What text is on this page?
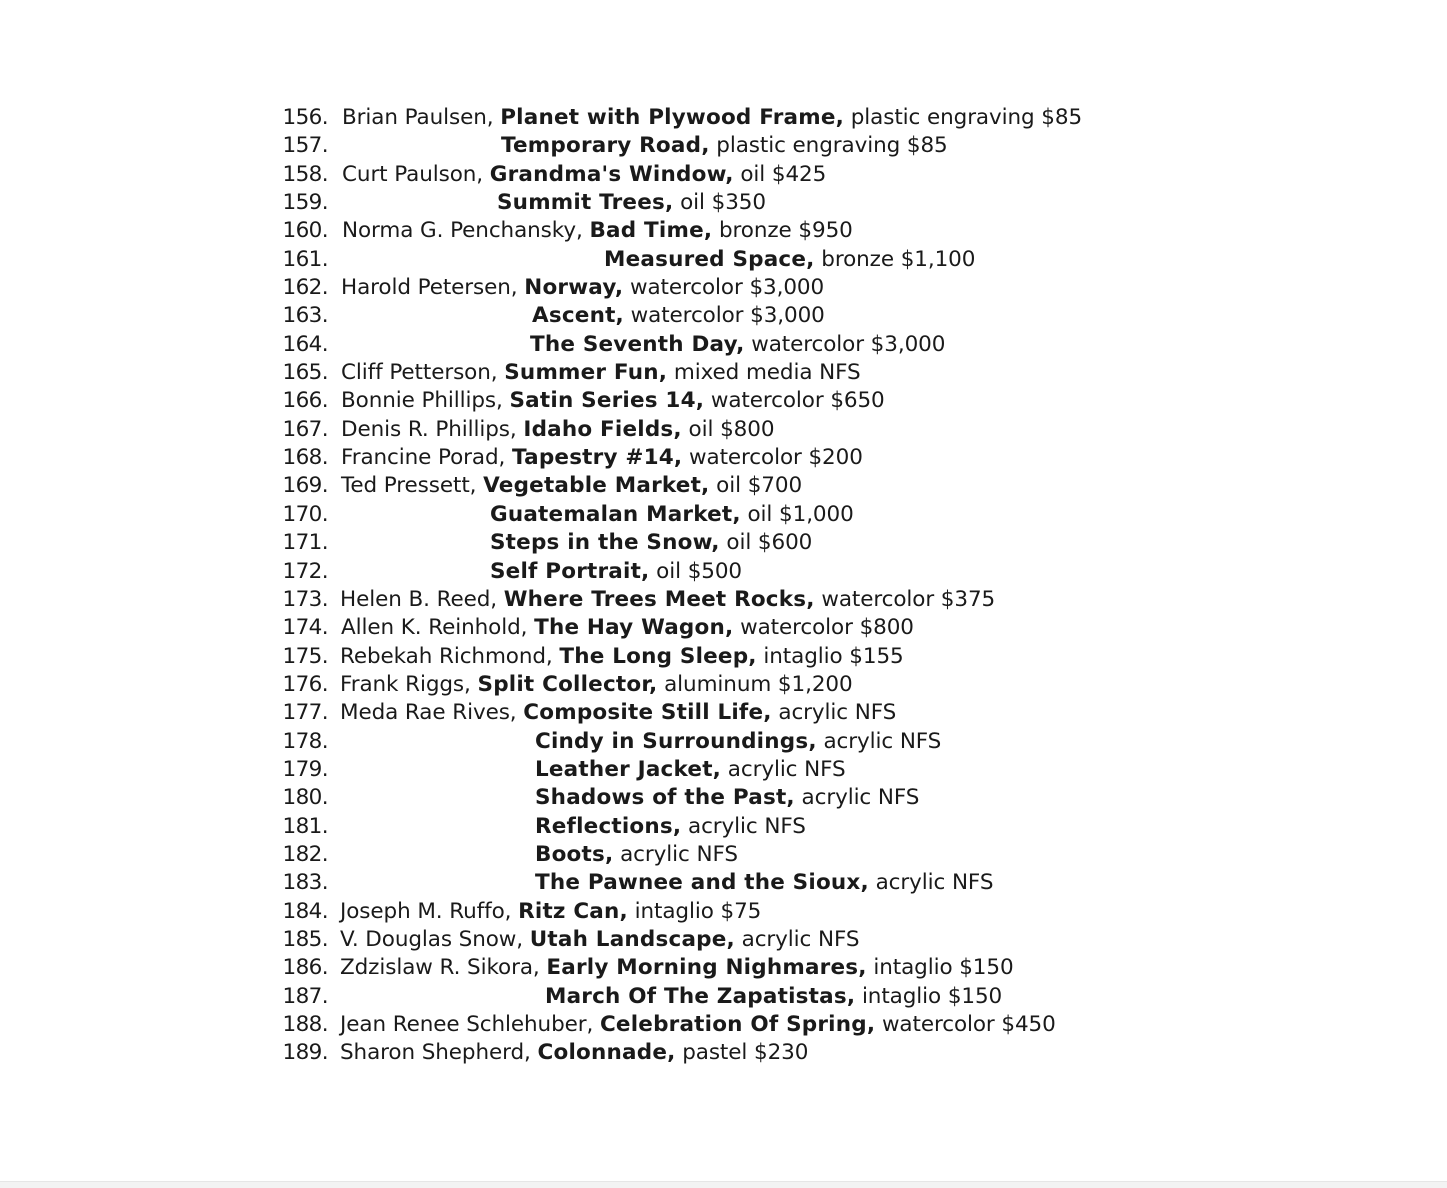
156. Brian Paulsen, Planet with Plywood Frame, plastic engraving $85
157.	Temporary Road, plastic engraving $85
158. Curt Paulson, Grandma's Window, oil $425
159.	Summit Trees, oil $350
160. Norma G. Penchansky, Bad Time, bronze $950
161.	Measured Space, bronze $1,100
162. Harold Petersen, Norway, watercolor $3,000
163.	Ascent, watercolor $3,000
164.	The Seventh Day, watercolor $3,000
165. Cliff Petterson, Summer Fun, mixed media NFS
166. Bonnie Phillips, Satin Series 14, watercolor $650
167. Denis R. Phillips, Idaho Fields, oil $800
168. Francine Porad, Tapestry #14, watercolor $200
169. Ted Pressett, Vegetable Market, oil $700
170.	Guatemalan Market, oil $1,000
171.	Steps in the Snow, oil $600
172.	Self Portrait, oil $500
173. Helen B. Reed, Where Trees Meet Rocks, watercolor $375
174. Allen K. Reinhold, The Hay Wagon, watercolor $800
175. Rebekah Richmond, The Long Sleep, intaglio $155
176. Frank Riggs, Split Collector, aluminum $1,200
177. Meda Rae Rives, Composite Still Life, acrylic NFS
178.	Cindy in Surroundings, acrylic NFS
179.	Leather Jacket, acrylic NFS
180.	Shadows of the Past, acrylic NFS
181.	Reflections, acrylic NFS
182.	Boots, acrylic NFS
183.	The Pawnee and the Sioux, acrylic NFS
184. Joseph M. Ruffo, Ritz Can, intaglio $75
185. V. Douglas Snow, Utah Landscape, acrylic NFS
186. Zdzislaw R. Sikora, Early Morning Nighmares, intaglio $150
187.	March Of The Zapatistas, intaglio $150
188. Jean Renee Schlehuber, Celebration Of Spring, watercolor $450
189. Sharon Shepherd, Colonnade, pastel $230
